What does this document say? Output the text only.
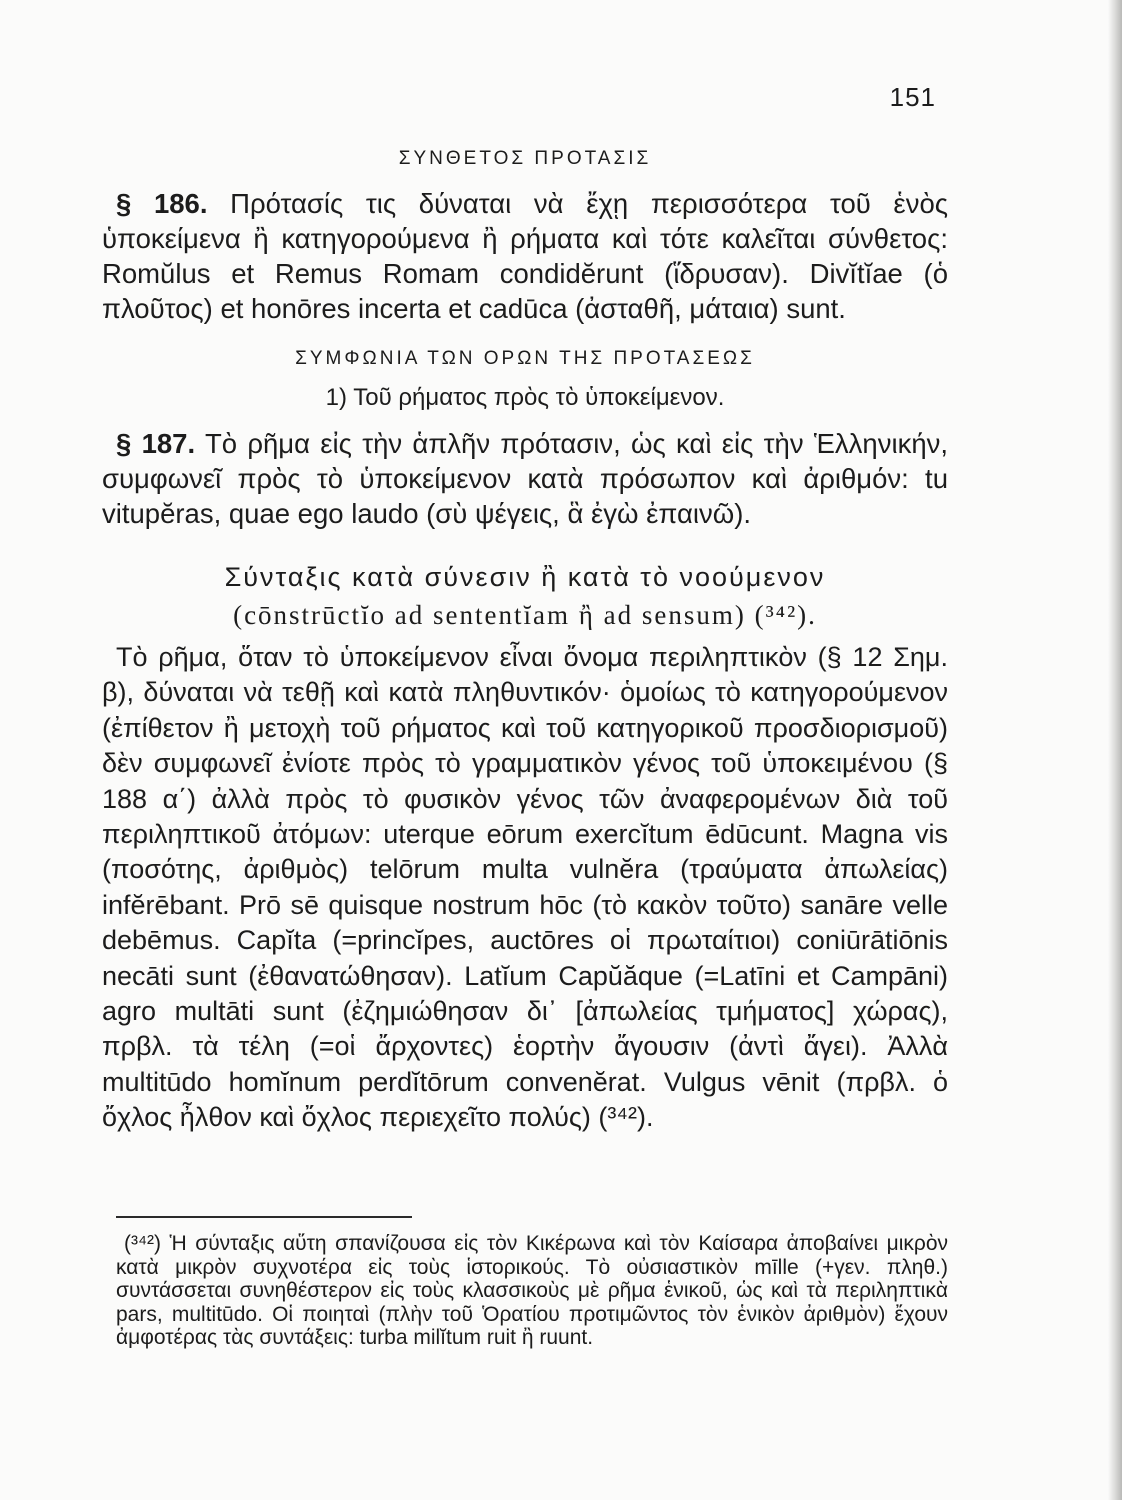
151
ΣΥΝΘΕΤΟΣ ΠΡΟΤΑΣΙΣ

§ 186. Πρότασίς τις δύναται νὰ ἔχῃ περισσότερα τοῦ ἑνὸς ὑποκείμενα ἢ κατηγορούμενα ἢ ρήματα καὶ τότε καλεῖται σύνθετος: Romŭlus et Remus Romam condidĕrunt (ἵδρυσαν). Divĭtĭae (ὁ πλοῦτος) et honōres incerta et cadūca (ἀσταθῆ, μάταια) sunt.

ΣΥΜΦΩΝΙΑ ΤΩΝ ΟΡΩΝ ΤΗΣ ΠΡΟΤΑΣΕΩΣ
1) Τοῦ ρήματος πρὸς τὸ ὑποκείμενον.

§ 187. Τὸ ρῆμα εἰς τὴν ἁπλῆν πρότασιν, ὡς καὶ εἰς τὴν Ἑλληνικήν, συμφωνεῖ πρὸς τὸ ὑποκείμενον κατὰ πρόσωπον καὶ ἀριθμόν: tu vitupĕras, quae ego laudo (σὺ ψέγεις, ἃ ἐγὼ ἐπαινῶ).

Σύνταξις κατὰ σύνεσιν ἢ κατὰ τὸ νοούμενον
(cōnstrūctĭo ad sententĭam ἢ ad sensum) (³⁴²).

Τὸ ρῆμα, ὅταν τὸ ὑποκείμενον εἶναι ὄνομα περιληπτικὸν (§ 12 Σημ. β), δύναται νὰ τεθῇ καὶ κατὰ πληθυντικόν· ὁμοίως τὸ κατηγορούμενον (ἐπίθετον ἢ μετοχὴ τοῦ ρήματος καὶ τοῦ κατηγορικοῦ προσδιορισμοῦ) δὲν συμφωνεῖ ἐνίοτε πρὸς τὸ γραμματικὸν γένος τοῦ ὑποκειμένου (§ 188 α΄) ἀλλὰ πρὸς τὸ φυσικὸν γένος τῶν ἀναφερομένων διὰ τοῦ περιληπτικοῦ ἀτόμων: uterque eōrum exercĭtum ēdūcunt. Magna vis (ποσότης, ἀριθμὸς) telōrum multa vulnĕra (τραύματα ἀπωλείας) infĕrēbant. Prō sē quisque nostrum hōc (τὸ κακὸν τοῦτο) sanāre velle debēmus. Capĭta (=princĭpes, auctōres οἱ πρωταίτιοι) coniūrātiōnis necāti sunt (ἐθανατώθησαν). Latĭum Capŭăque (=Latīni et Campāni) agro multāti sunt (ἐζημιώθησαν δι᾿ [ἀπωλείας τμήματος] χώρας), πρβλ. τὰ τέλη (=οἱ ἄρχοντες) ἑορτὴν ἄγουσιν (ἀντὶ ἄγει). Ἀλλὰ multitūdo homĭnum perdĭtōrum convenĕrat. Vulgus vēnit (πρβλ. ὁ ὄχλος ἦλθον καὶ ὄχλος περιεχεῖτο πολύς) (³⁴²).

(³⁴²) Ἡ σύνταξις αὕτη σπανίζουσα εἰς τὸν Κικέρωνα καὶ τὸν Καίσαρα ἀποβαίνει μικρὸν κατὰ μικρὸν συχνοτέρα εἰς τοὺς ἱστορικούς. Τὸ οὐσιαστικὸν mīlle (+γεν. πληθ.) συντάσσεται συνηθέστερον εἰς τοὺς κλασσικοὺς μὲ ρῆμα ἑνικοῦ, ὡς καὶ τὰ περιληπτικὰ pars, multitūdo. Οἱ ποιηταὶ (πλὴν τοῦ Ὁρατίου προτιμῶντος τὸν ἑνικὸν ἀριθμὸν) ἔχουν ἀμφοτέρας τὰς συντάξεις: turba milĭtum ruit ἢ ruunt.
